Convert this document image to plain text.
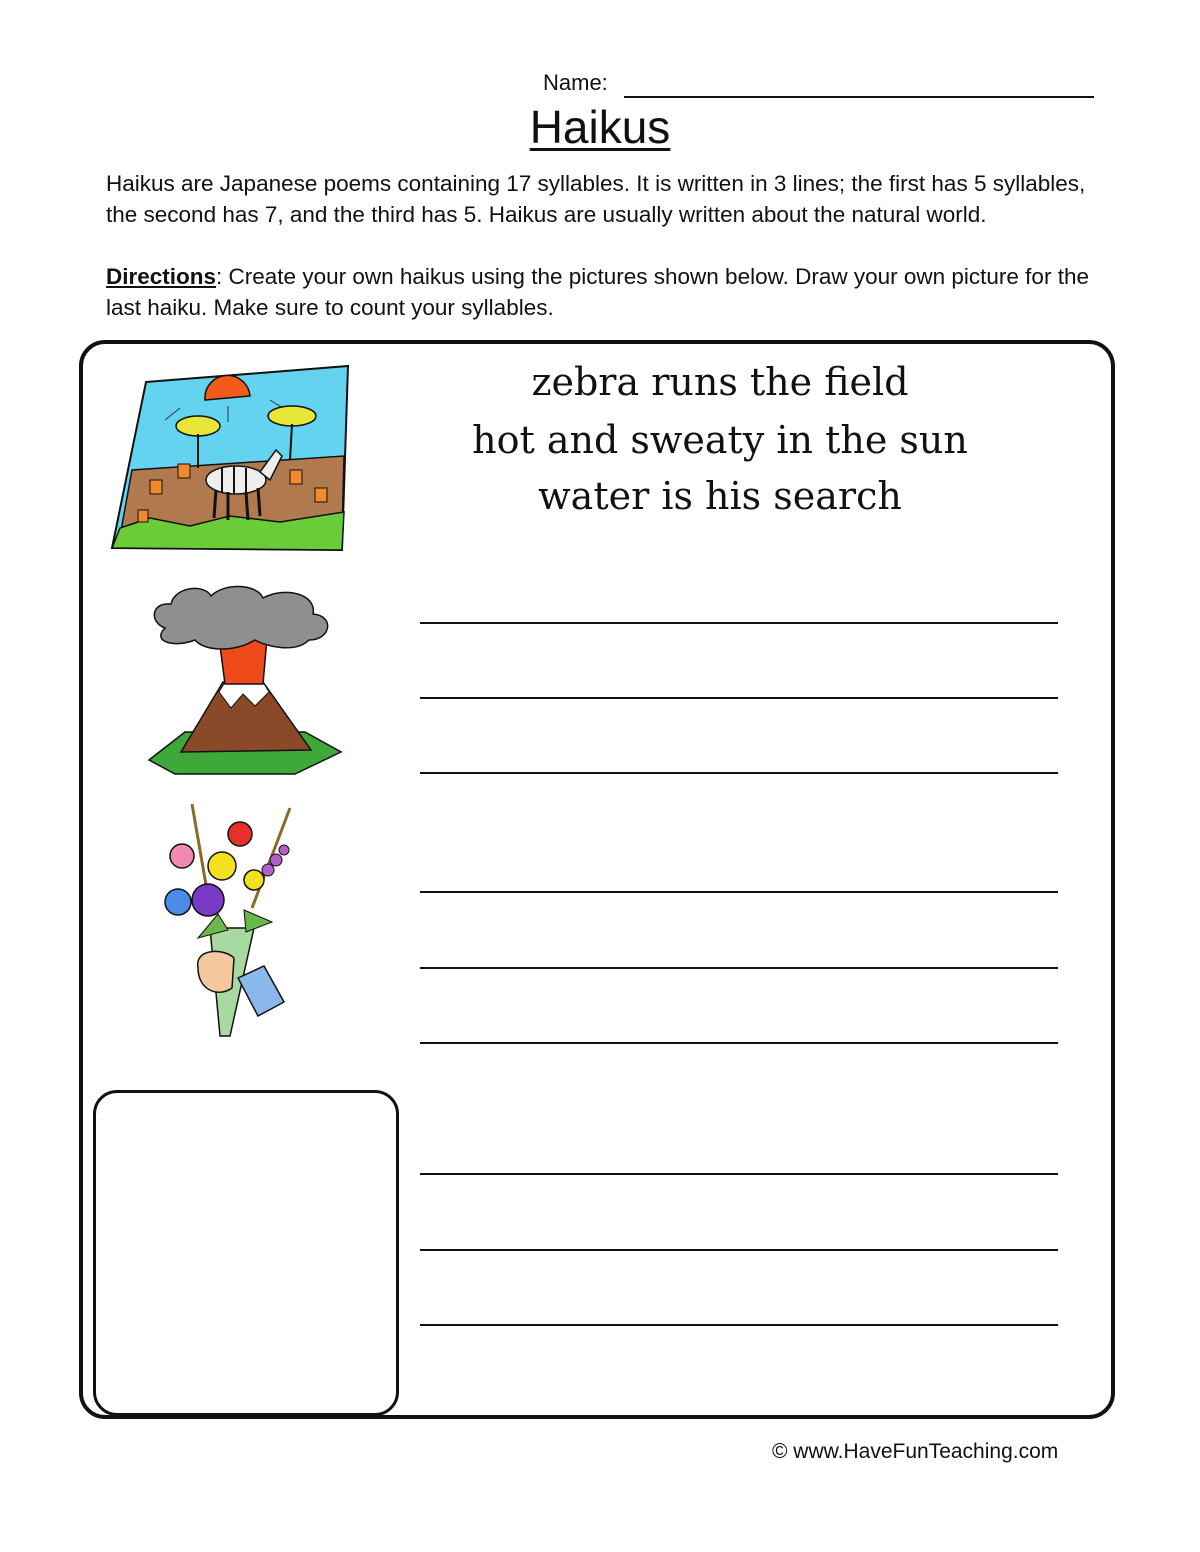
Name:
Haikus

Haikus are Japanese poems containing 17 syllables. It is written in 3 lines; the first has 5 syllables, the second has 7, and the third has 5. Haikus are usually written about the natural world.

Directions: Create your own haikus using the pictures shown below. Draw your own picture for the last haiku. Make sure to count your syllables.

zebra runs the field

hot and sweaty in the sun

water is his search

© www.HaveFunTeaching.com
